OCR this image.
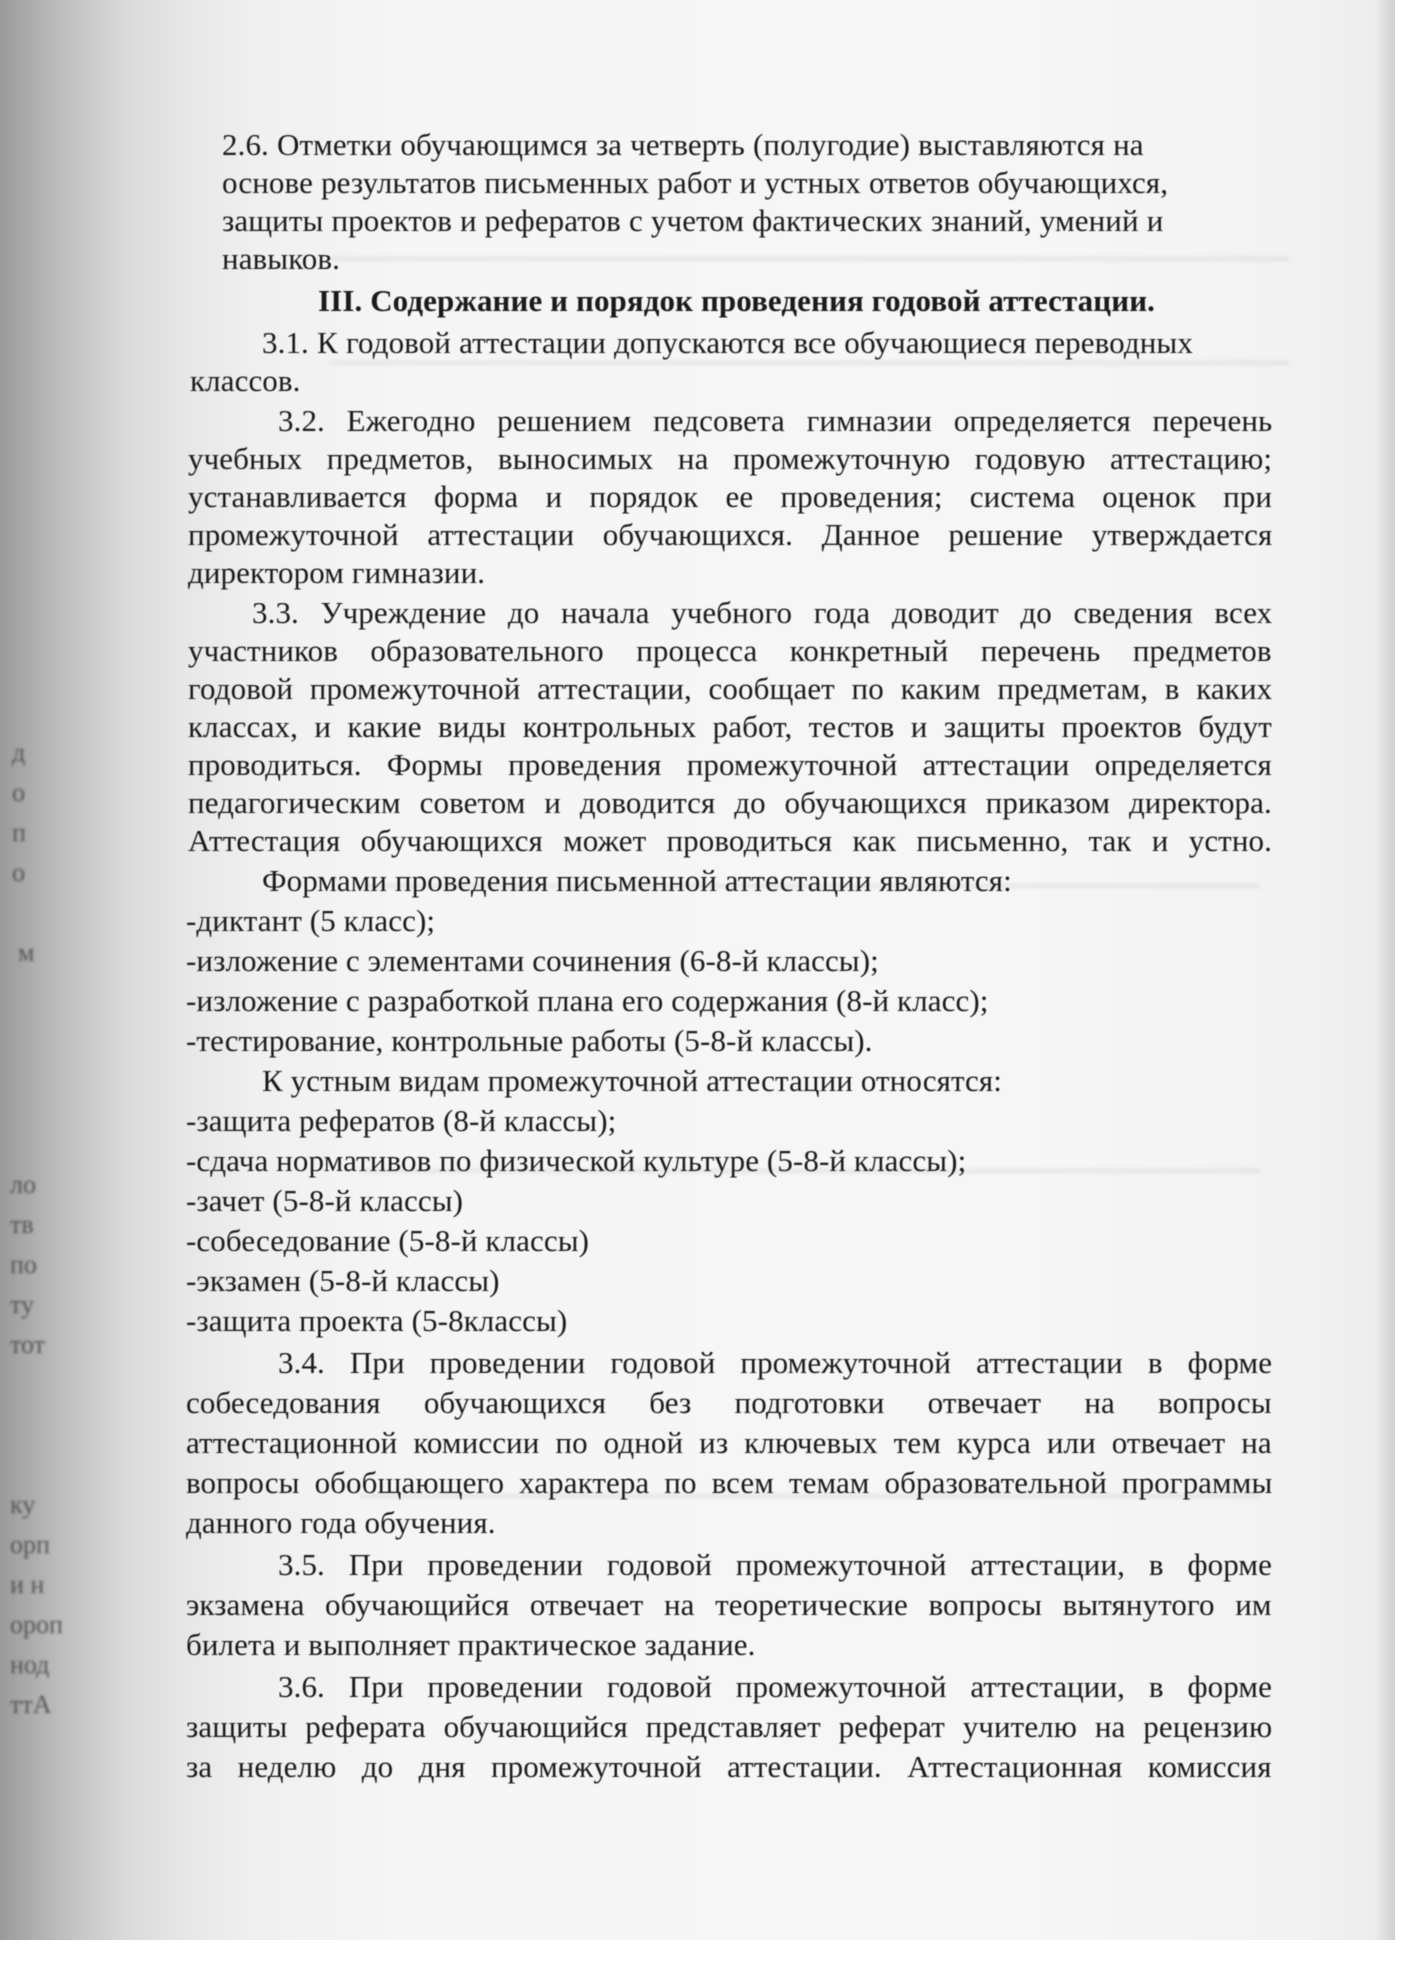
2.6. Отметки обучающимся за четверть (полугодие) выставляются на
основе результатов письменных работ и устных ответов обучающихся,
защиты проектов и рефератов с учетом фактических знаний, умений и
навыков.
III. Содержание и порядок проведения годовой аттестации.
3.1. К годовой аттестации допускаются все обучающиеся переводных
классов.
3.2. Ежегодно решением педсовета гимназии определяется перечень
учебных предметов, выносимых на промежуточную годовую аттестацию;
устанавливается форма и порядок ее проведения; система оценок при
промежуточной аттестации обучающихся. Данное решение утверждается
директором гимназии.
3.3. Учреждение до начала учебного года доводит до сведения всех
участников образовательного процесса конкретный перечень предметов
годовой промежуточной аттестации, сообщает по каким предметам, в каких
классах, и какие виды контрольных работ, тестов и защиты проектов будут
проводиться. Формы проведения промежуточной аттестации определяется
педагогическим советом и доводится до обучающихся приказом директора.
Аттестация обучающихся может проводиться как письменно, так и устно.
Формами проведения письменной аттестации являются:
-диктант (5 класс);
-изложение с элементами сочинения (6-8-й классы);
-изложение с разработкой плана его содержания (8-й класс);
-тестирование, контрольные работы (5-8-й классы).
К устным видам промежуточной аттестации относятся:
-защита рефератов (8-й классы);
-сдача нормативов по физической культуре (5-8-й классы);
-зачет (5-8-й классы)
-собеседование (5-8-й классы)
-экзамен (5-8-й классы)
-защита проекта (5-8классы)
3.4. При проведении годовой промежуточной аттестации в форме
собеседования обучающихся без подготовки отвечает на вопросы
аттестационной комиссии по одной из ключевых тем курса или отвечает на
вопросы обобщающего характера по всем темам образовательной программы
данного года обучения.
3.5. При проведении годовой промежуточной аттестации, в форме
экзамена обучающийся отвечает на теоретические вопросы вытянутого им
билета и выполняет практическое задание.
3.6. При проведении годовой промежуточной аттестации, в форме
защиты реферата обучающийся представляет реферат учителю на рецензию
за неделю до дня промежуточной аттестации. Аттестационная комиссия
д
о
п
о
м
ло
тв
по
ту
тот
ку
орп
и н
ороп
нод
ттА
